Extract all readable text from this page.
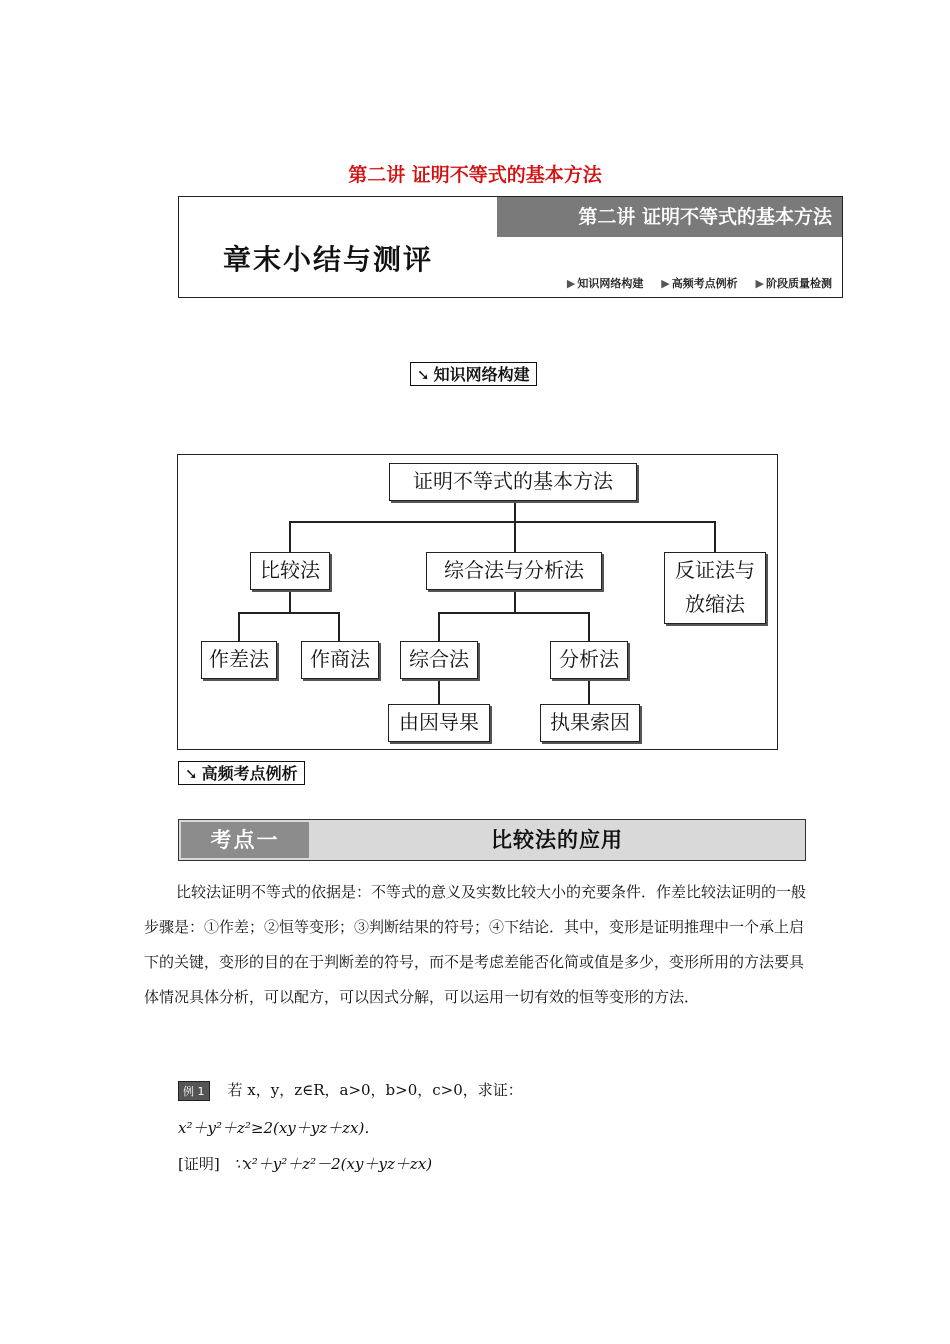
第二讲 证明不等式的基本方法
第二讲 证明不等式的基本方法
章末小结与测评
▶ 知识网络构建 ▶ 高频考点例析 ▶ 阶段质量检测
➘ 知识网络构建
证明不等式的基本方法
比较法	综合法与分析法	反证法与放缩法
作差法	作商法	综合法	分析法
由因导果	执果索因
➘ 高频考点例析
考点一	比较法的应用
比较法证明不等式的依据是：不等式的意义及实数比较大小的充要条件．作差比较法证明的一般步骤是：①作差；②恒等变形；③判断结果的符号；④下结论．其中，变形是证明推理中一个承上启下的关键，变形的目的在于判断差的符号，而不是考虑差能否化简或值是多少，变形所用的方法要具体情况具体分析，可以配方，可以因式分解，可以运用一切有效的恒等变形的方法．
例 1 若 x，y，z∈R，a>0，b>0，c>0，求证：
x²＋y²＋z²≥2(xy＋yz＋zx)．
[证明] ∵x²＋y²＋z²－2(xy＋yz＋zx)
